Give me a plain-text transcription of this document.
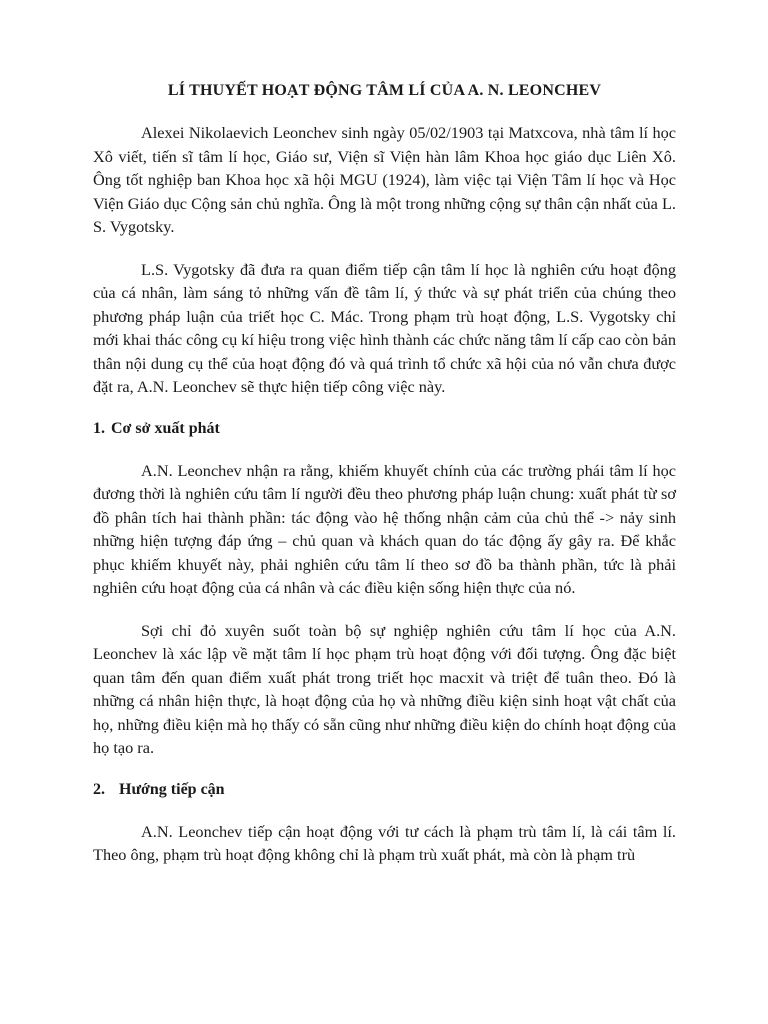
LÍ THUYẾT HOẠT ĐỘNG TÂM LÍ CỦA A. N. LEONCHEV

Alexei Nikolaevich Leonchev sinh ngày 05/02/1903 tại Matxcova, nhà tâm lí học Xô viết, tiến sĩ tâm lí học, Giáo sư, Viện sĩ Viện hàn lâm Khoa học giáo dục Liên Xô. Ông tốt nghiệp ban Khoa học xã hội MGU (1924), làm việc tại Viện Tâm lí học và Học Viện Giáo dục Cộng sản chủ nghĩa. Ông là một trong những cộng sự thân cận nhất của L. S. Vygotsky.

L.S. Vygotsky đã đưa ra quan điểm tiếp cận tâm lí học là nghiên cứu hoạt động của cá nhân, làm sáng tỏ những vấn đề tâm lí, ý thức và sự phát triển của chúng theo phương pháp luận của triết học C. Mác. Trong phạm trù hoạt động, L.S. Vygotsky chỉ mới khai thác công cụ kí hiệu trong việc hình thành các chức năng tâm lí cấp cao còn bản thân nội dung cụ thể của hoạt động đó và quá trình tổ chức xã hội của nó vẫn chưa được đặt ra, A.N. Leonchev sẽ thực hiện tiếp công việc này.

1. Cơ sở xuất phát

A.N. Leonchev nhận ra rằng, khiếm khuyết chính của các trường phái tâm lí học đương thời là nghiên cứu tâm lí người đều theo phương pháp luận chung: xuất phát từ sơ đồ phân tích hai thành phần: tác động vào hệ thống nhận cảm của chủ thể -> nảy sinh những hiện tượng đáp ứng – chủ quan và khách quan do tác động ấy gây ra. Để khắc phục khiếm khuyết này, phải nghiên cứu tâm lí theo sơ đồ ba thành phần, tức là phải nghiên cứu hoạt động của cá nhân và các điều kiện sống hiện thực của nó.

Sợi chỉ đỏ xuyên suốt toàn bộ sự nghiệp nghiên cứu tâm lí học của A.N. Leonchev là xác lập về mặt tâm lí học phạm trù hoạt động với đối tượng. Ông đặc biệt quan tâm đến quan điểm xuất phát trong triết học macxit và triệt để tuân theo. Đó là những cá nhân hiện thực, là hoạt động của họ và những điều kiện sinh hoạt vật chất của họ, những điều kiện mà họ thấy có sẵn cũng như những điều kiện do chính hoạt động của họ tạo ra.

2. Hướng tiếp cận

A.N. Leonchev tiếp cận hoạt động với tư cách là phạm trù tâm lí, là cái tâm lí. Theo ông, phạm trù hoạt động không chỉ là phạm trù xuất phát, mà còn là phạm trù
